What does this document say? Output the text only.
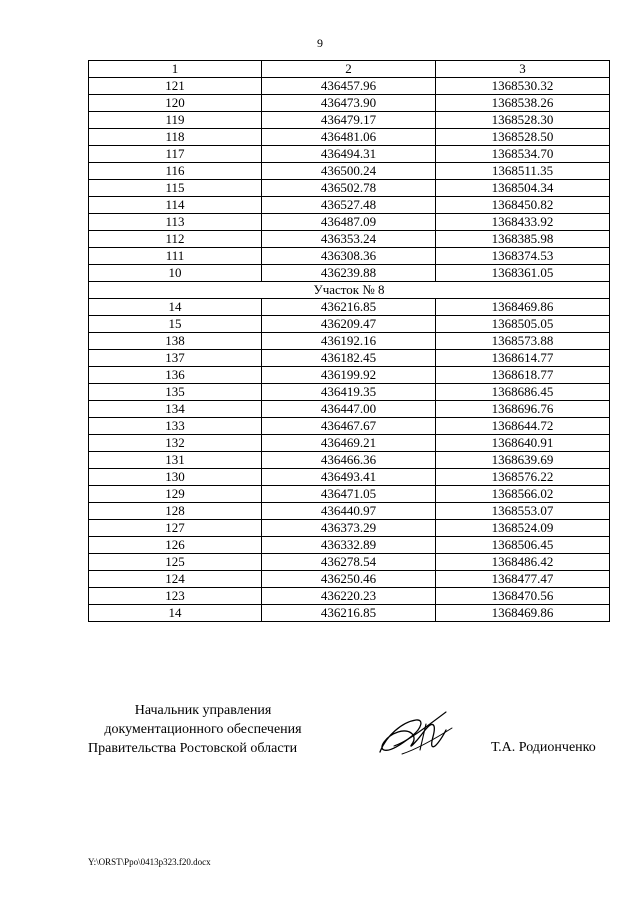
9
1	2	3
121	436457.96	1368530.32
120	436473.90	1368538.26
119	436479.17	1368528.30
118	436481.06	1368528.50
117	436494.31	1368534.70
116	436500.24	1368511.35
115	436502.78	1368504.34
114	436527.48	1368450.82
113	436487.09	1368433.92
112	436353.24	1368385.98
111	436308.36	1368374.53
10	436239.88	1368361.05
Участок № 8		
14	436216.85	1368469.86
15	436209.47	1368505.05
138	436192.16	1368573.88
137	436182.45	1368614.77
136	436199.92	1368618.77
135	436419.35	1368686.45
134	436447.00	1368696.76
133	436467.67	1368644.72
132	436469.21	1368640.91
131	436466.36	1368639.69
130	436493.41	1368576.22
129	436471.05	1368566.02
128	436440.97	1368553.07
127	436373.29	1368524.09
126	436332.89	1368506.45
125	436278.54	1368486.42
124	436250.46	1368477.47
123	436220.23	1368470.56
14	436216.85	1368469.86
Начальник управления
документационного обеспечения
Правительства Ростовской области	Т.А. Родионченко
Y:\ORST\Ppo\0413p323.f20.docx
